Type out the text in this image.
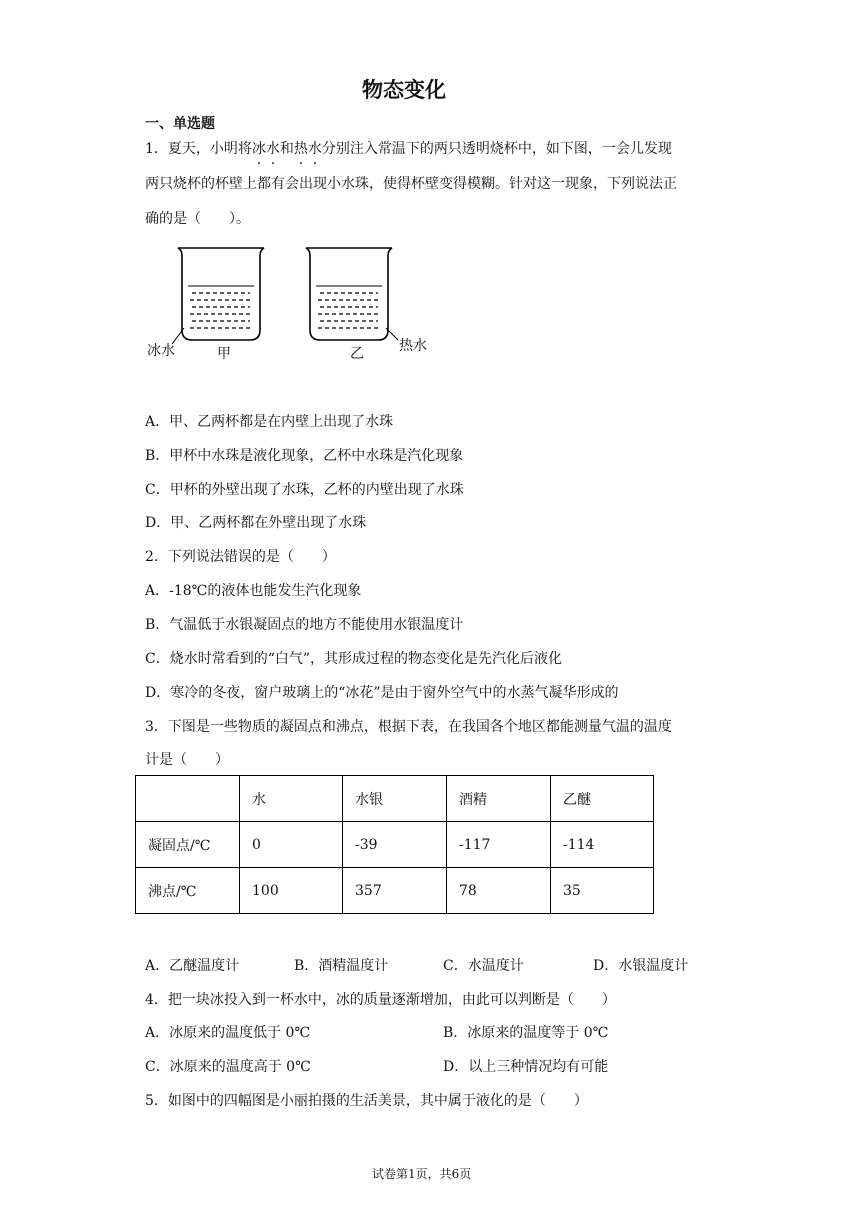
物态变化
一、单选题
1．夏天，小明将冰水和热水分别注入常温下的两只透明烧杯中，如下图，一会儿发现
两只烧杯的杯壁上都有会出现小水珠，使得杯壁变得模糊。针对这一现象，下列说法正
确的是（　　）。
冰水	甲	乙	热水
A．甲、乙两杯都是在内壁上出现了水珠
B．甲杯中水珠是液化现象，乙杯中水珠是汽化现象
C．甲杯的外壁出现了水珠，乙杯的内壁出现了水珠
D．甲、乙两杯都在外壁出现了水珠
2．下列说法错误的是（　　）
A．-18℃的液体也能发生汽化现象
B．气温低于水银凝固点的地方不能使用水银温度计
C．烧水时常看到的“白气”，其形成过程的物态变化是先汽化后液化
D．寒冷的冬夜，窗户玻璃上的“冰花”是由于窗外空气中的水蒸气凝华形成的
3．下图是一些物质的凝固点和沸点，根据下表，在我国各个地区都能测量气温的温度
计是（　　）
	水	水银	酒精	乙醚
凝固点/℃	0	-39	-117	-114
沸点/℃	100	357	78	35
A．乙醚温度计	B．酒精温度计	C．水温度计	D．水银温度计
4．把一块冰投入到一杯水中，冰的质量逐渐增加，由此可以判断是（　　）
A．冰原来的温度低于 0℃	B．冰原来的温度等于 0℃
C．冰原来的温度高于 0℃	D．以上三种情况均有可能
5．如图中的四幅图是小丽拍摄的生活美景，其中属于液化的是（　　）
试卷第1页，共6页
